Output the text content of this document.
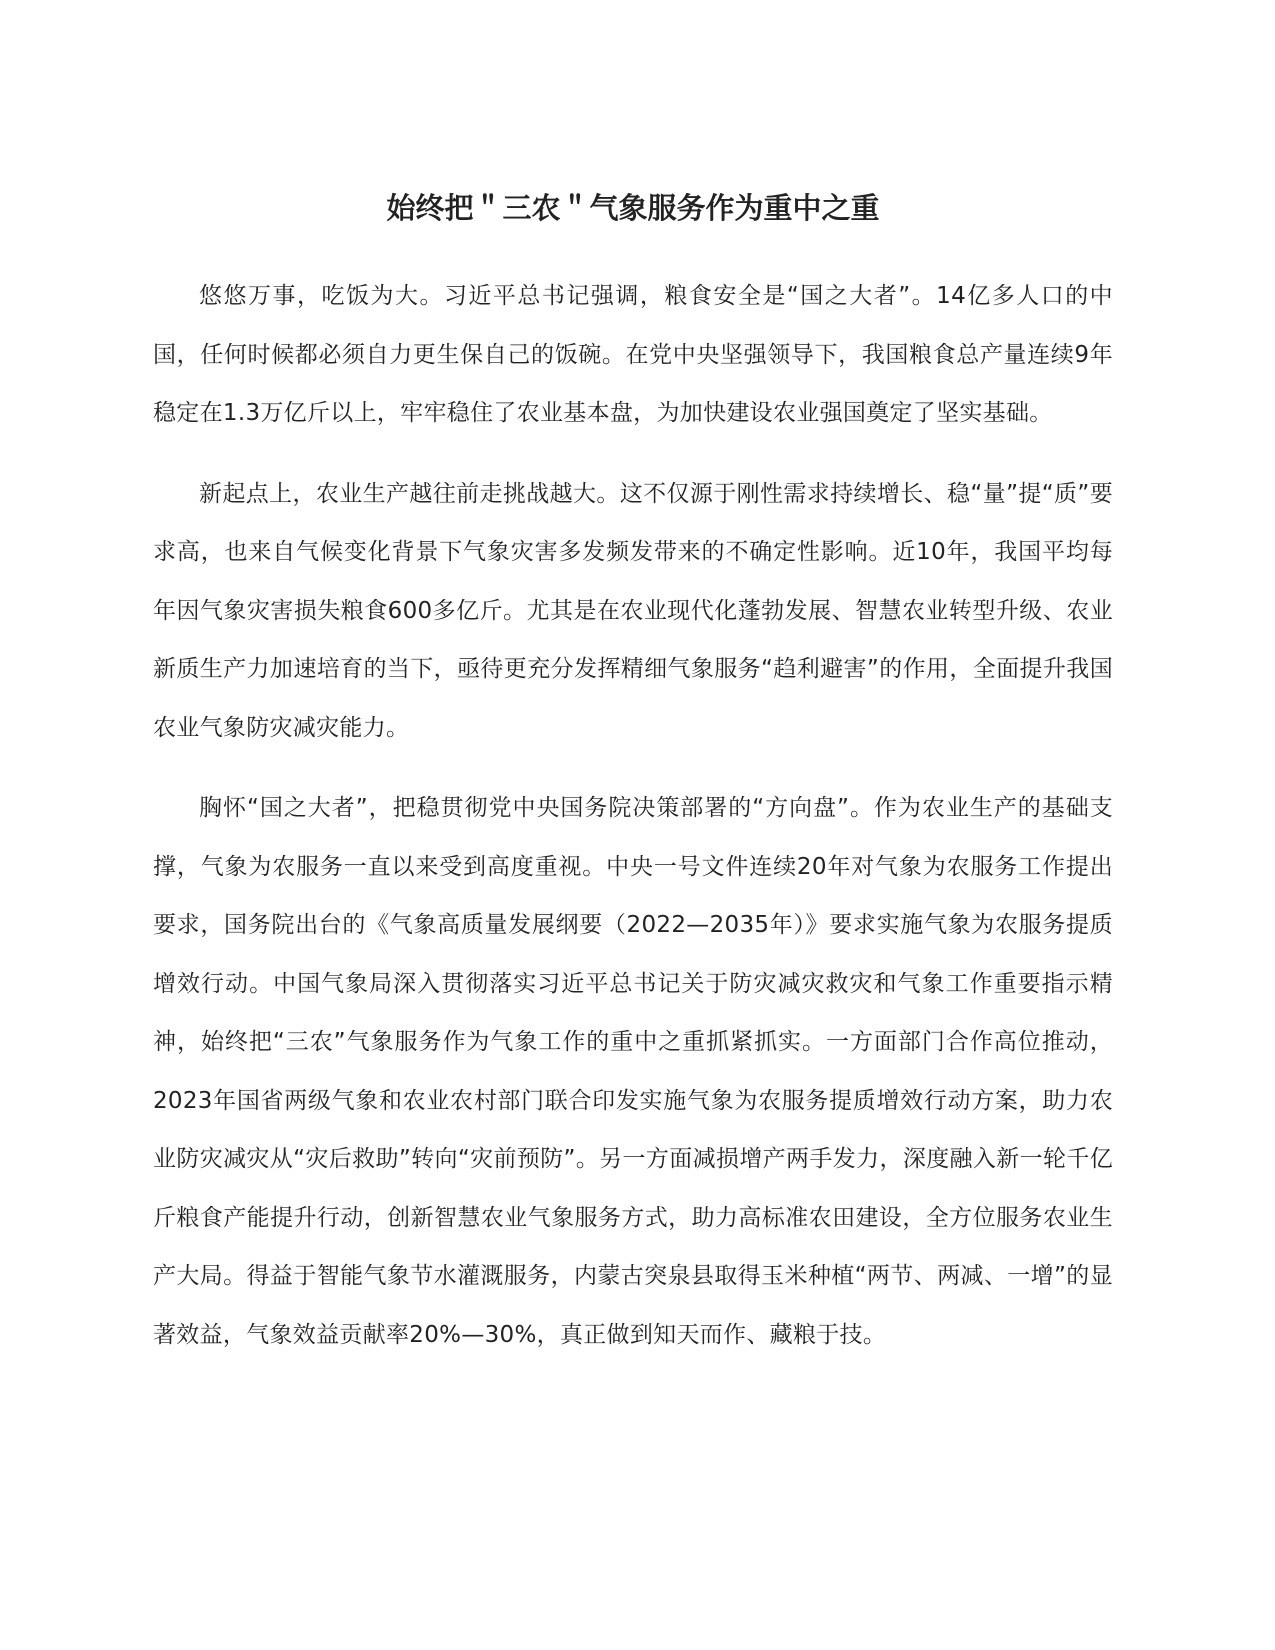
始终把＂三农＂气象服务作为重中之重

悠悠万事，吃饭为大。习近平总书记强调，粮食安全是“国之大者”。14亿多人口的中国，任何时候都必须自力更生保自己的饭碗。在党中央坚强领导下，我国粮食总产量连续9年稳定在1.3万亿斤以上，牢牢稳住了农业基本盘，为加快建设农业强国奠定了坚实基础。

新起点上，农业生产越往前走挑战越大。这不仅源于刚性需求持续增长、稳“量”提“质”要求高，也来自气候变化背景下气象灾害多发频发带来的不确定性影响。近10年，我国平均每年因气象灾害损失粮食600多亿斤。尤其是在农业现代化蓬勃发展、智慧农业转型升级、农业新质生产力加速培育的当下，亟待更充分发挥精细气象服务“趋利避害”的作用，全面提升我国农业气象防灾减灾能力。

胸怀“国之大者”，把稳贯彻党中央国务院决策部署的“方向盘”。作为农业生产的基础支撑，气象为农服务一直以来受到高度重视。中央一号文件连续20年对气象为农服务工作提出要求，国务院出台的《气象高质量发展纲要（2022—2035年）》要求实施气象为农服务提质增效行动。中国气象局深入贯彻落实习近平总书记关于防灾减灾救灾和气象工作重要指示精神，始终把“三农”气象服务作为气象工作的重中之重抓紧抓实。一方面部门合作高位推动，2023年国省两级气象和农业农村部门联合印发实施气象为农服务提质增效行动方案，助力农业防灾减灾从“灾后救助”转向“灾前预防”。另一方面减损增产两手发力，深度融入新一轮千亿斤粮食产能提升行动，创新智慧农业气象服务方式，助力高标准农田建设，全方位服务农业生产大局。得益于智能气象节水灌溉服务，内蒙古突泉县取得玉米种植“两节、两减、一增”的显著效益，气象效益贡献率20%—30%，真正做到知天而作、藏粮于技。
